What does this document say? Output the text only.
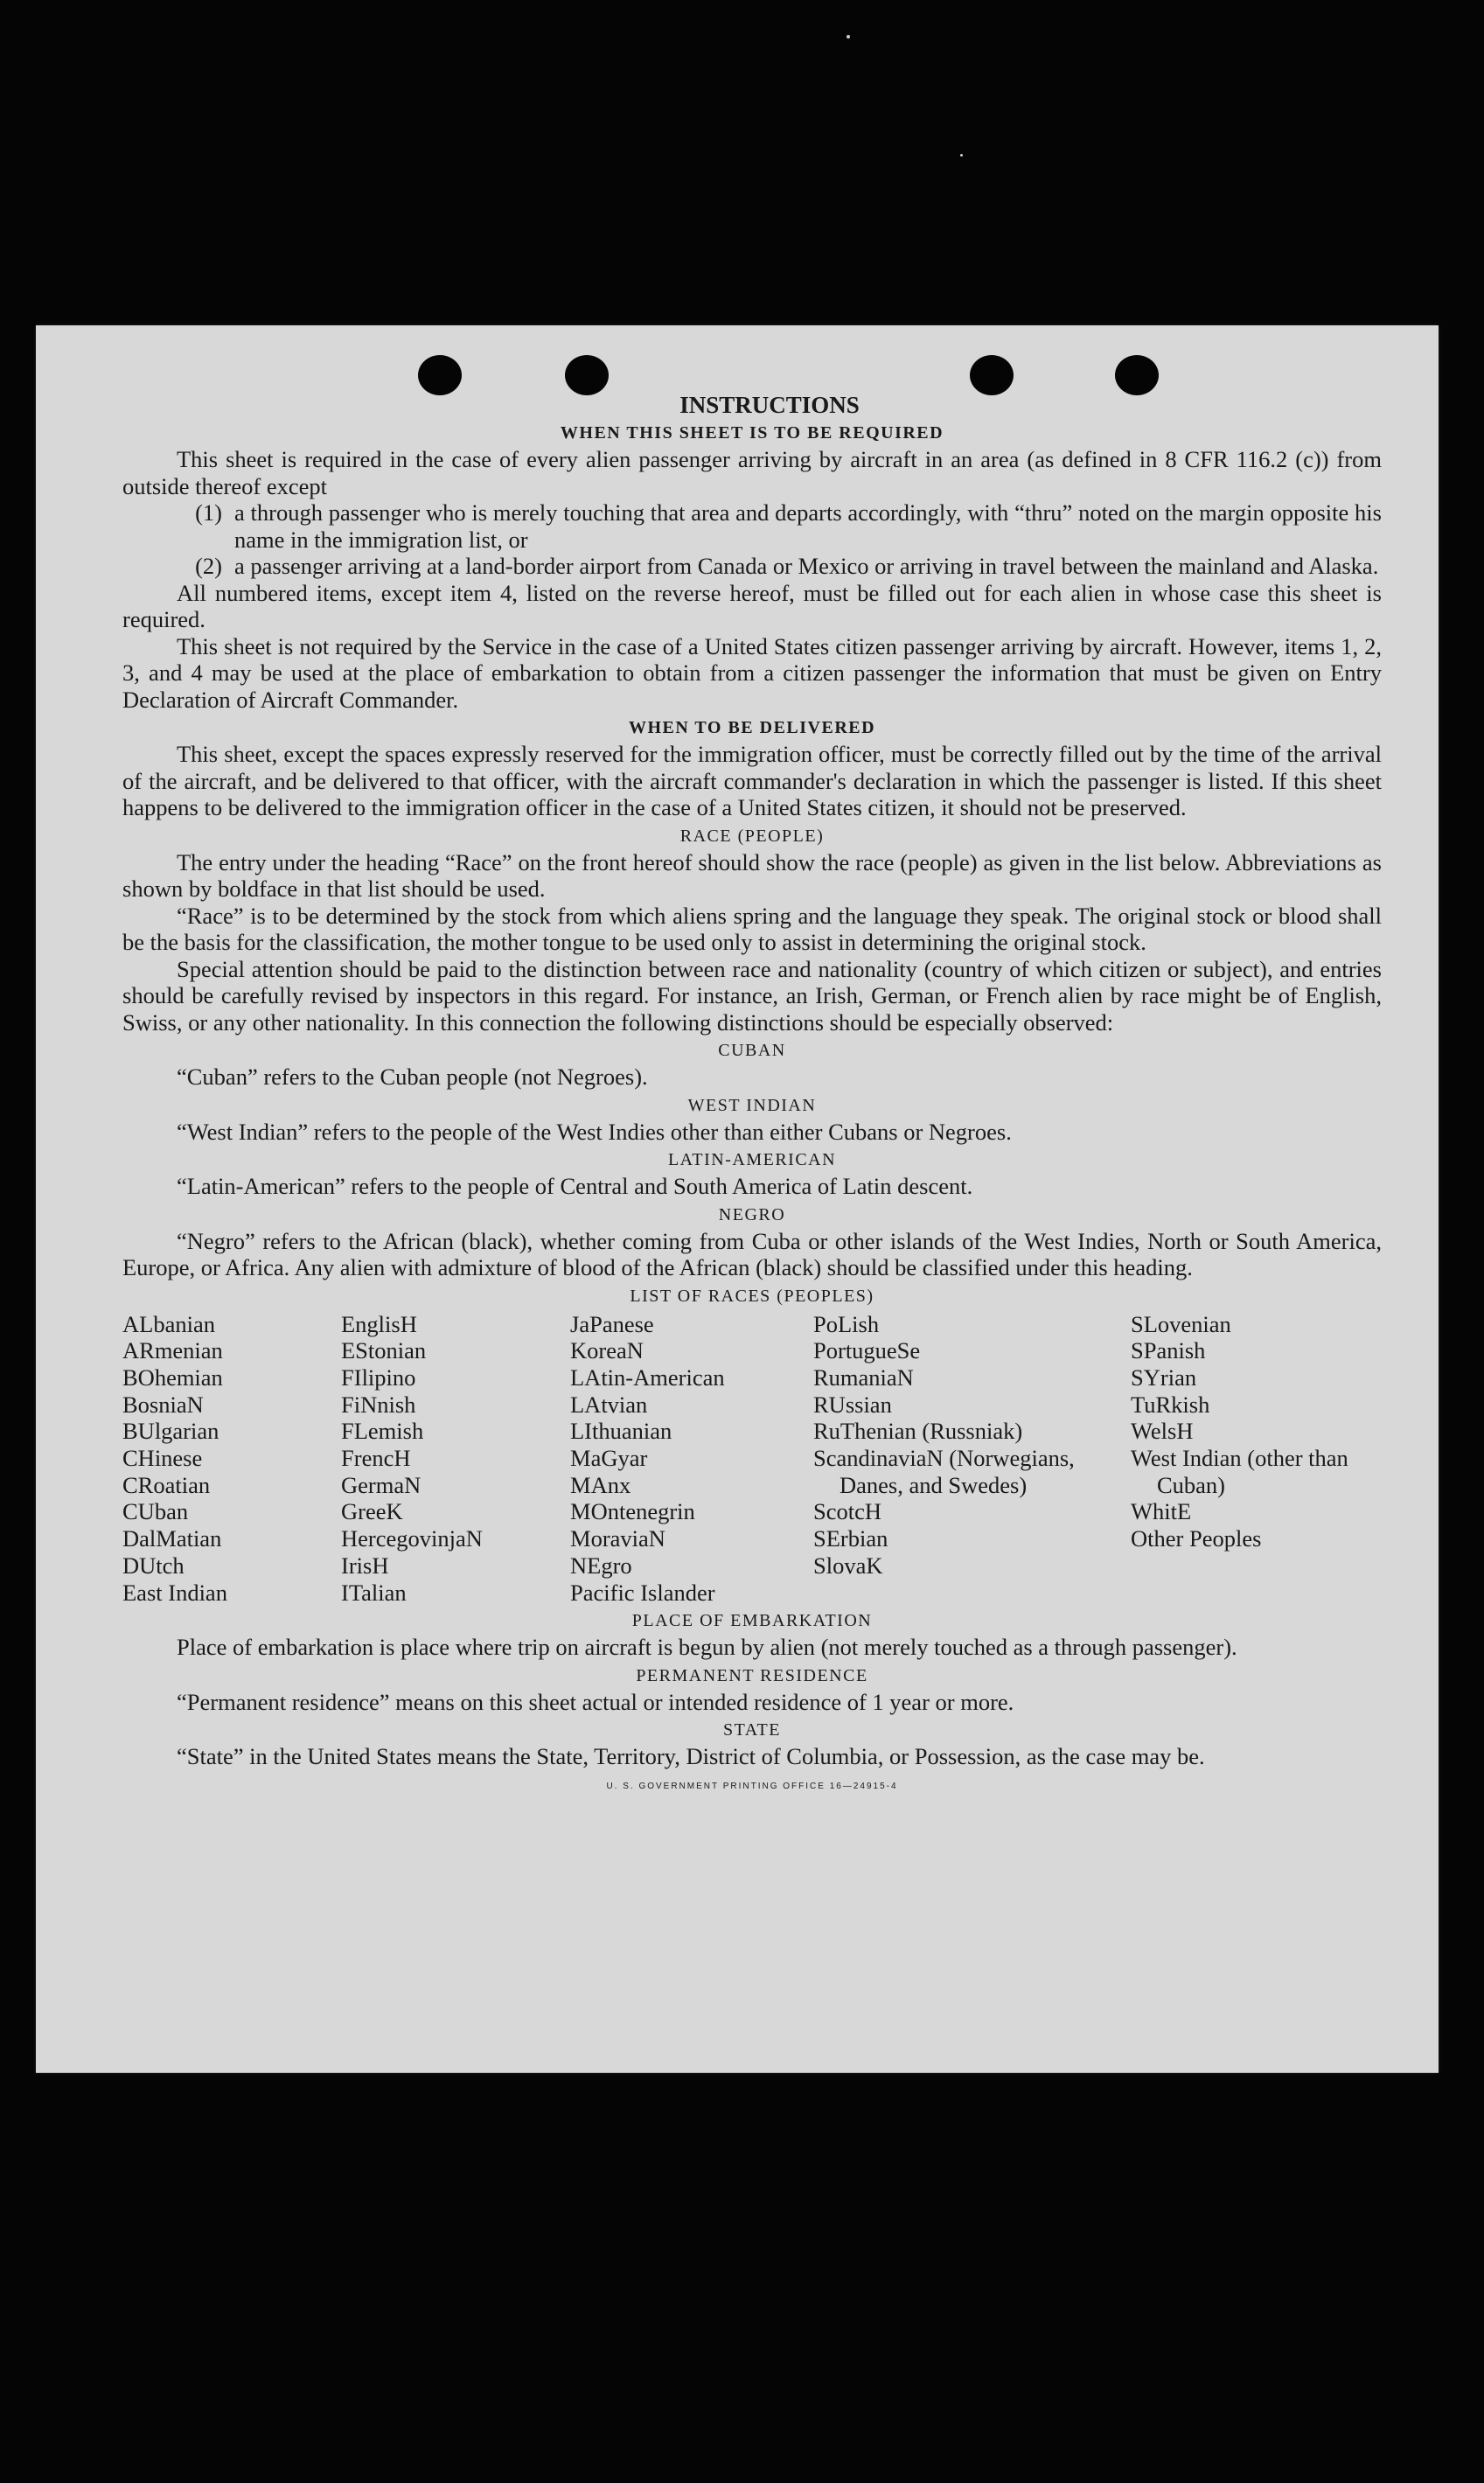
INSTRUCTIONS
WHEN THIS SHEET IS TO BE REQUIRED

This sheet is required in the case of every alien passenger arriving by aircraft in an area (as defined in 8 CFR 116.2 (c)) from outside thereof except

(1) a through passenger who is merely touching that area and departs accordingly, with “thru” noted on the margin opposite his name in the immigration list, or
(2) a passenger arriving at a land-border airport from Canada or Mexico or arriving in travel between the mainland and Alaska.

All numbered items, except item 4, listed on the reverse hereof, must be filled out for each alien in whose case this sheet is required.

This sheet is not required by the Service in the case of a United States citizen passenger arriving by aircraft. However, items 1, 2, 3, and 4 may be used at the place of embarkation to obtain from a citizen passenger the information that must be given on Entry Declaration of Aircraft Commander.

WHEN TO BE DELIVERED

This sheet, except the spaces expressly reserved for the immigration officer, must be correctly filled out by the time of the arrival of the aircraft, and be delivered to that officer, with the aircraft commander's declaration in which the passenger is listed. If this sheet happens to be delivered to the immigration officer in the case of a United States citizen, it should not be preserved.

RACE (PEOPLE)

The entry under the heading “Race” on the front hereof should show the race (people) as given in the list below. Abbreviations as shown by boldface in that list should be used.

“Race” is to be determined by the stock from which aliens spring and the language they speak. The original stock or blood shall be the basis for the classification, the mother tongue to be used only to assist in determining the original stock.

Special attention should be paid to the distinction between race and nationality (country of which citizen or subject), and entries should be carefully revised by inspectors in this regard. For instance, an Irish, German, or French alien by race might be of English, Swiss, or any other nationality. In this connection the following distinctions should be especially observed:

CUBAN

“Cuban” refers to the Cuban people (not Negroes).

WEST INDIAN

“West Indian” refers to the people of the West Indies other than either Cubans or Negroes.

LATIN-AMERICAN

“Latin-American” refers to the people of Central and South America of Latin descent.

NEGRO

“Negro” refers to the African (black), whether coming from Cuba or other islands of the West Indies, North or South America, Europe, or Africa. Any alien with admixture of blood of the African (black) should be classified under this heading.

LIST OF RACES (PEOPLES)
ALbanian
ARmenian
BOhemian
BosniaN
BUlgarian
CHinese
CRoatian
CUban
DalMatian
DUtch
East Indian
EnglisH
EStonian
FIlipino
FiNnish
FLemish
FrencH
GermaN
GreeK
HercegovinjaN
IrisH
ITalian
JaPanese
KoreaN
LAtin-American
LAtvian
LIthuanian
MaGyar
MAnx
MOntenegrin
MoraviaN
NEgro
Pacific Islander
PoLish
PortugueSe
RumaniaN
RUssian
RuThenian (Russniak)
ScandinaviaN (Norwegians, Danes, and Swedes)
ScotcH
SErbian
SlovaK
SLovenian
SPanish
SYrian
TuRkish
WelsH
West Indian (other than Cuban)
WhitE
Other Peoples
PLACE OF EMBARKATION

Place of embarkation is place where trip on aircraft is begun by alien (not merely touched as a through passenger).

PERMANENT RESIDENCE

“Permanent residence” means on this sheet actual or intended residence of 1 year or more.

STATE

“State” in the United States means the State, Territory, District of Columbia, or Possession, as the case may be.

U. S. GOVERNMENT PRINTING OFFICE 16—24915-4
